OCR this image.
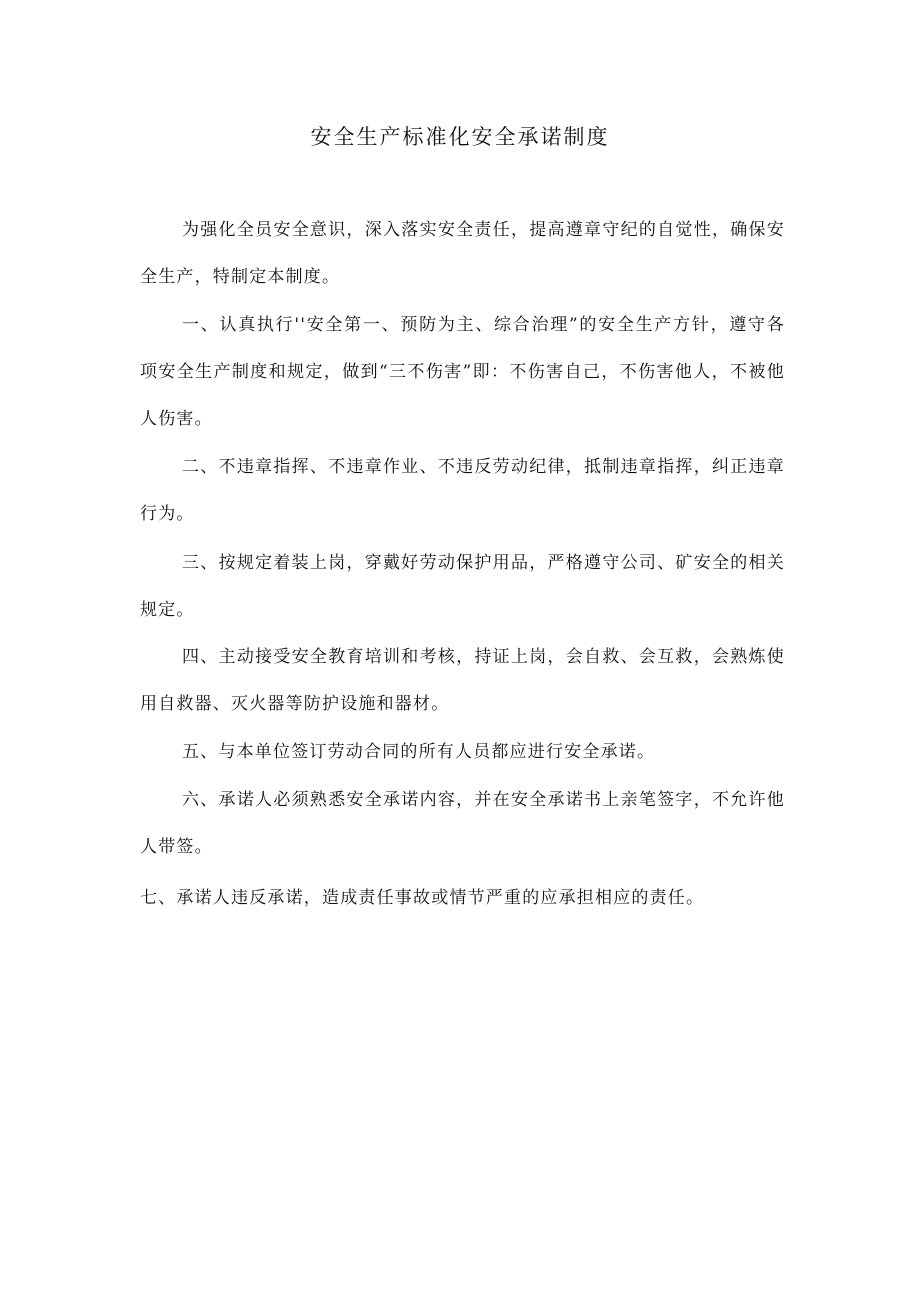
安全生产标准化安全承诺制度

为强化全员安全意识，深入落实安全责任，提高遵章守纪的自觉性，确保安全生产，特制定本制度。

一、认真执行''安全第一、预防为主、综合治理”的安全生产方针，遵守各项安全生产制度和规定，做到“三不伤害”即：不伤害自己，不伤害他人，不被他人伤害。

二、不违章指挥、不违章作业、不违反劳动纪律，抵制违章指挥，纠正违章行为。

三、按规定着装上岗，穿戴好劳动保护用品，严格遵守公司、矿安全的相关规定。

四、主动接受安全教育培训和考核，持证上岗，会自救、会互救，会熟炼使用自救器、灭火器等防护设施和器材。

五、与本单位签订劳动合同的所有人员都应进行安全承诺。

六、承诺人必须熟悉安全承诺内容，并在安全承诺书上亲笔签字，不允许他人带签。

七、承诺人违反承诺，造成责任事故或情节严重的应承担相应的责任。
